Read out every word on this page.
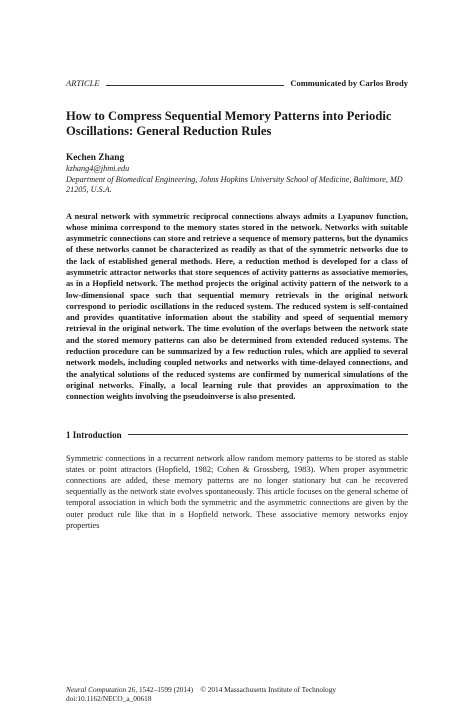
ARTICLE	Communicated by Carlos Brody
How to Compress Sequential Memory Patterns into Periodic Oscillations: General Reduction Rules
Kechen Zhang
kzhang4@jhmi.edu
Department of Biomedical Engineering, Johns Hopkins University School of Medicine, Baltimore, MD 21205, U.S.A.
A neural network with symmetric reciprocal connections always admits a Lyapunov function, whose minima correspond to the memory states stored in the network. Networks with suitable asymmetric connections can store and retrieve a sequence of memory patterns, but the dynamics of these networks cannot be characterized as readily as that of the symmetric networks due to the lack of established general methods. Here, a reduction method is developed for a class of asymmetric attractor networks that store sequences of activity patterns as associative memories, as in a Hopfield network. The method projects the original activity pattern of the network to a low-dimensional space such that sequential memory retrievals in the original network correspond to periodic oscillations in the reduced system. The reduced system is self-contained and provides quantitative information about the stability and speed of sequential memory retrieval in the original network. The time evolution of the overlaps between the network state and the stored memory patterns can also be determined from extended reduced systems. The reduction procedure can be summarized by a few reduction rules, which are applied to several network models, including coupled networks and networks with time-delayed connections, and the analytical solutions of the reduced systems are confirmed by numerical simulations of the original networks. Finally, a local learning rule that provides an approximation to the connection weights involving the pseudoinverse is also presented.
1 Introduction
Symmetric connections in a recurrent network allow random memory patterns to be stored as stable states or point attractors (Hopfield, 1982; Cohen & Grossberg, 1983). When proper asymmetric connections are added, these memory patterns are no longer stationary but can be recovered sequentially as the network state evolves spontaneously. This article focuses on the general scheme of temporal association in which both the symmetric and the asymmetric connections are given by the outer product rule like that in a Hopfield network. These associative memory networks enjoy properties
Neural Computation 26, 1542–1599 (2014) © 2014 Massachusetts Institute of Technology
doi:10.1162/NECO_a_00618
